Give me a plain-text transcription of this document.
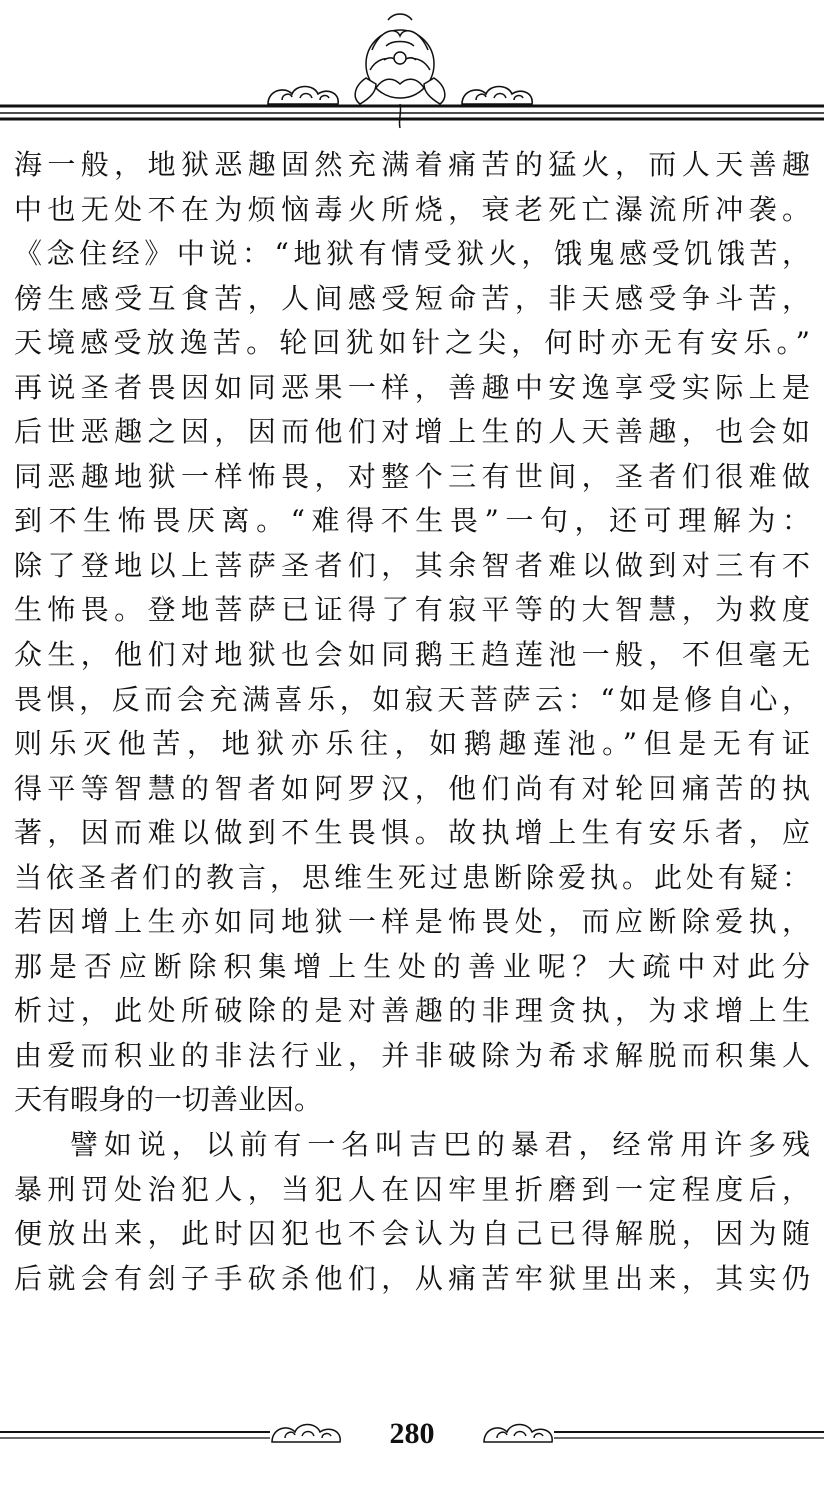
海一般，地狱恶趣固然充满着痛苦的猛火，而人天善趣
中也无处不在为烦恼毒火所烧，衰老死亡瀑流所冲袭。
《念住经》中说：“地狱有情受狱火，饿鬼感受饥饿苦，
傍生感受互食苦，人间感受短命苦，非天感受争斗苦，
天境感受放逸苦。轮回犹如针之尖，何时亦无有安乐。”
再说圣者畏因如同恶果一样，善趣中安逸享受实际上是
后世恶趣之因，因而他们对增上生的人天善趣，也会如
同恶趣地狱一样怖畏，对整个三有世间，圣者们很难做
到不生怖畏厌离。“难得不生畏”一句，还可理解为：
除了登地以上菩萨圣者们，其余智者难以做到对三有不
生怖畏。登地菩萨已证得了有寂平等的大智慧，为救度
众生，他们对地狱也会如同鹅王趋莲池一般，不但毫无
畏惧，反而会充满喜乐，如寂天菩萨云：“如是修自心，
则乐灭他苦，地狱亦乐往，如鹅趣莲池。”但是无有证
得平等智慧的智者如阿罗汉，他们尚有对轮回痛苦的执
著，因而难以做到不生畏惧。故执增上生有安乐者，应
当依圣者们的教言，思维生死过患断除爱执。此处有疑：
若因增上生亦如同地狱一样是怖畏处，而应断除爱执，
那是否应断除积集增上生处的善业呢？大疏中对此分
析过，此处所破除的是对善趣的非理贪执，为求增上生
由爱而积业的非法行业，并非破除为希求解脱而积集人
天有暇身的一切善业因。
譬如说，以前有一名叫吉巴的暴君，经常用许多残
暴刑罚处治犯人，当犯人在囚牢里折磨到一定程度后，
便放出来，此时囚犯也不会认为自己已得解脱，因为随
后就会有刽子手砍杀他们，从痛苦牢狱里出来，其实仍
280
